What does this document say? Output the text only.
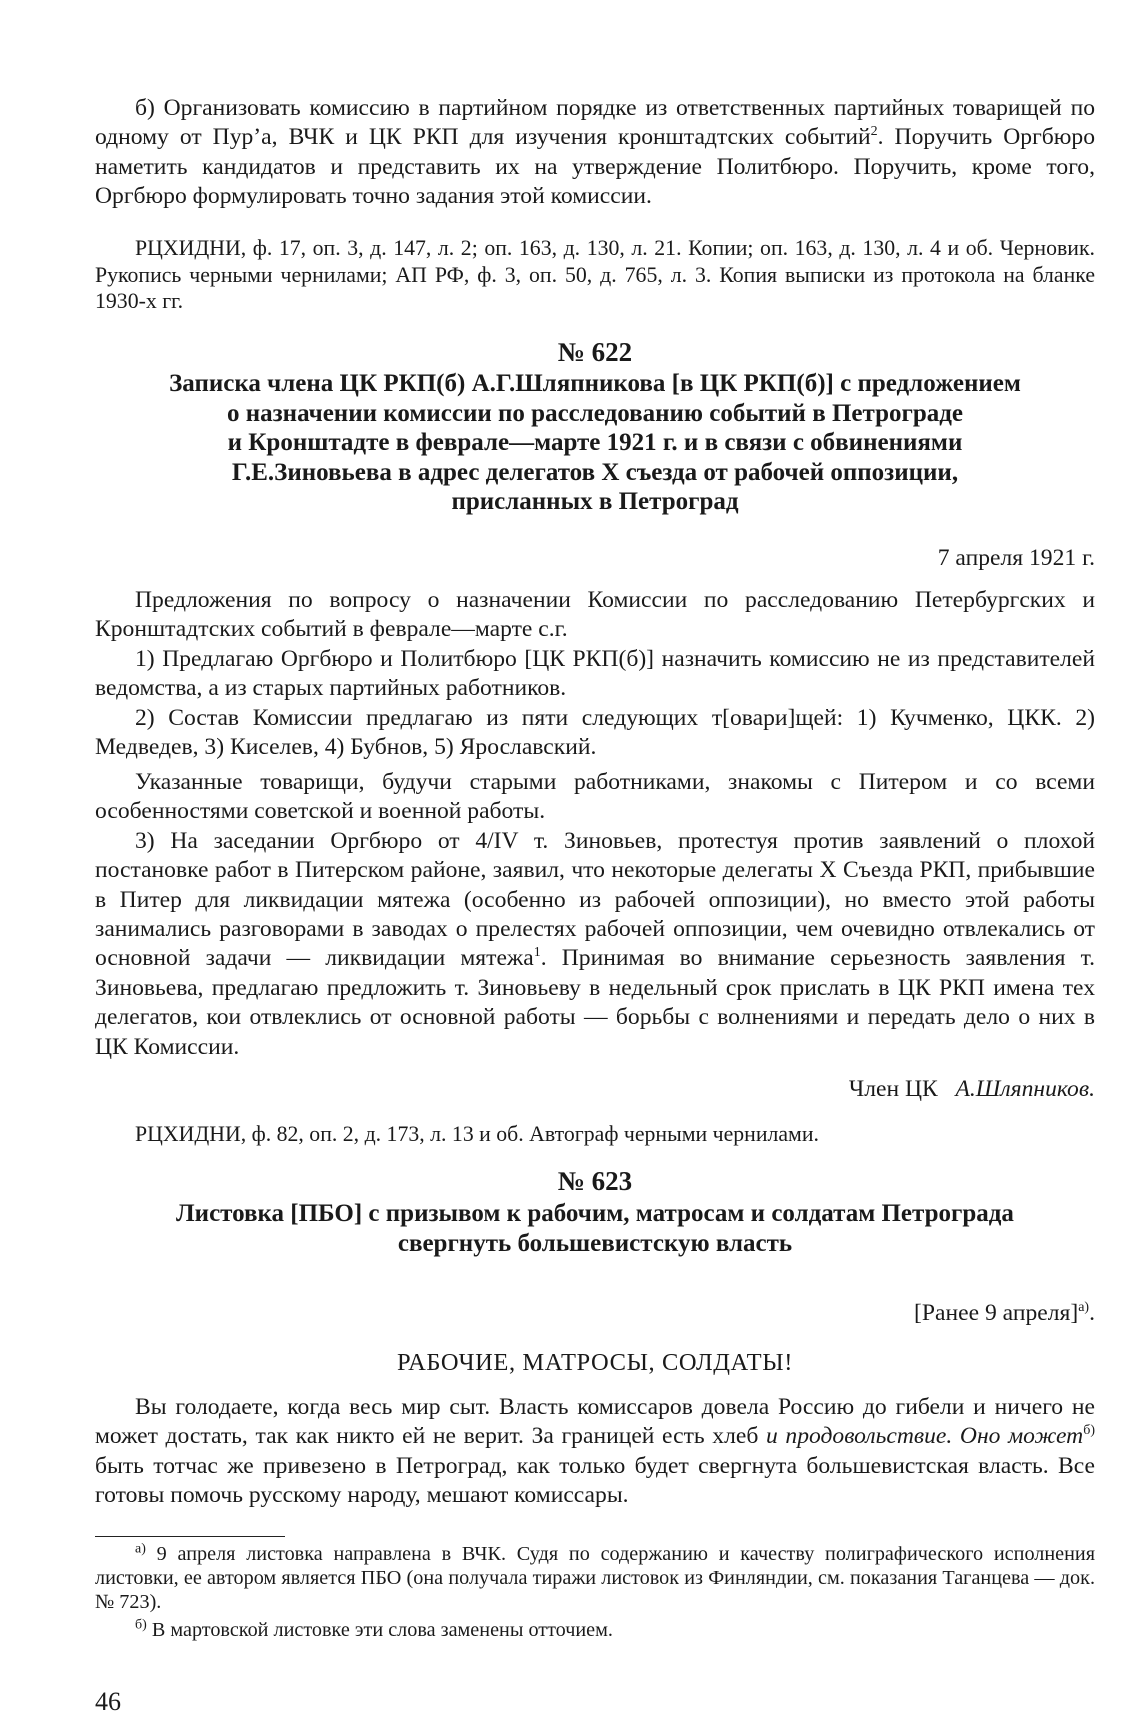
б) Организовать комиссию в партийном порядке из ответственных партийных товарищей по одному от Пур’а, ВЧК и ЦК РКП для изучения кронштадтских событий$^2$. Поручить Оргбюро наметить кандидатов и представить их на утверждение Политбюро. Поручить, кроме того, Оргбюро формулировать точно задания этой комиссии.

РЦХИДНИ, ф. 17, оп. 3, д. 147, л. 2; оп. 163, д. 130, л. 21. Копии; оп. 163, д. 130, л. 4 и об. Черновик. Рукопись черными чернилами; АП РФ, ф. 3, оп. 50, д. 765, л. 3. Копия выписки из протокола на бланке 1930-х гг.

№ 622

Записка члена ЦК РКП(б) А.Г.Шляпникова [в ЦК РКП(б)] с предложением

о назначении комиссии по расследованию событий в Петрограде

и Кронштадте в феврале—марте 1921 г. и в связи с обвинениями

Г.Е.Зиновьева в адрес делегатов X съезда от рабочей оппозиции,

присланных в Петроград

7 апреля 1921 г.

Предложения по вопросу о назначении Комиссии по расследованию Петербургских и Кронштадтских событий в феврале—марте с.г.

1) Предлагаю Оргбюро и Политбюро [ЦК РКП(б)] назначить комиссию не из представителей ведомства, а из старых партийных работников.

2) Состав Комиссии предлагаю из пяти следующих т[овари]щей: 1) Кучменко, ЦКК. 2) Медведев, 3) Киселев, 4) Бубнов, 5) Ярославский.

Указанные товарищи, будучи старыми работниками, знакомы с Питером и со всеми особенностями советской и военной работы.

3) На заседании Оргбюро от 4/IV т. Зиновьев, протестуя против заявлений о плохой постановке работ в Питерском районе, заявил, что некоторые делегаты X Съезда РКП, прибывшие в Питер для ликвидации мятежа (особенно из рабочей оппозиции), но вместо этой работы занимались разговорами в заводах о прелестях рабочей оппозиции, чем очевидно отвлекались от основной задачи — ликвидации мятежа$^1$. Принимая во внимание серьезность заявления т. Зиновьева, предлагаю предложить т. Зиновьеву в недельный срок прислать в ЦК РКП имена тех делегатов, кои отвлеклись от основной работы — борьбы с волнениями и передать дело о них в ЦК Комиссии.

Член ЦК А.Шляпников.

РЦХИДНИ, ф. 82, оп. 2, д. 173, л. 13 и об. Автограф черными чернилами.

№ 623

Листовка [ПБО] с призывом к рабочим, матросам и солдатам Петрограда

свергнуть большевистскую власть

[Ранее 9 апреля]$^{а)}$.

РАБОЧИЕ, МАТРОСЫ, СОЛДАТЫ!

Вы голодаете, когда весь мир сыт. Власть комиссаров довела Россию до гибели и ничего не может достать, так как никто ей не верит. За границей есть хлеб и продовольствие. Оно может$^{б)}$ быть тотчас же привезено в Петроград, как только будет свергнута большевистская власть. Все готовы помочь русскому народу, мешают комиссары.

$^{а)}$ 9 апреля листовка направлена в ВЧК. Судя по содержанию и качеству полиграфического исполнения листовки, ее автором является ПБО (она получала тиражи листовок из Финляндии, см. показания Таганцева — док. № 723).

$^{б)}$ В мартовской листовке эти слова заменены отточием.

46
